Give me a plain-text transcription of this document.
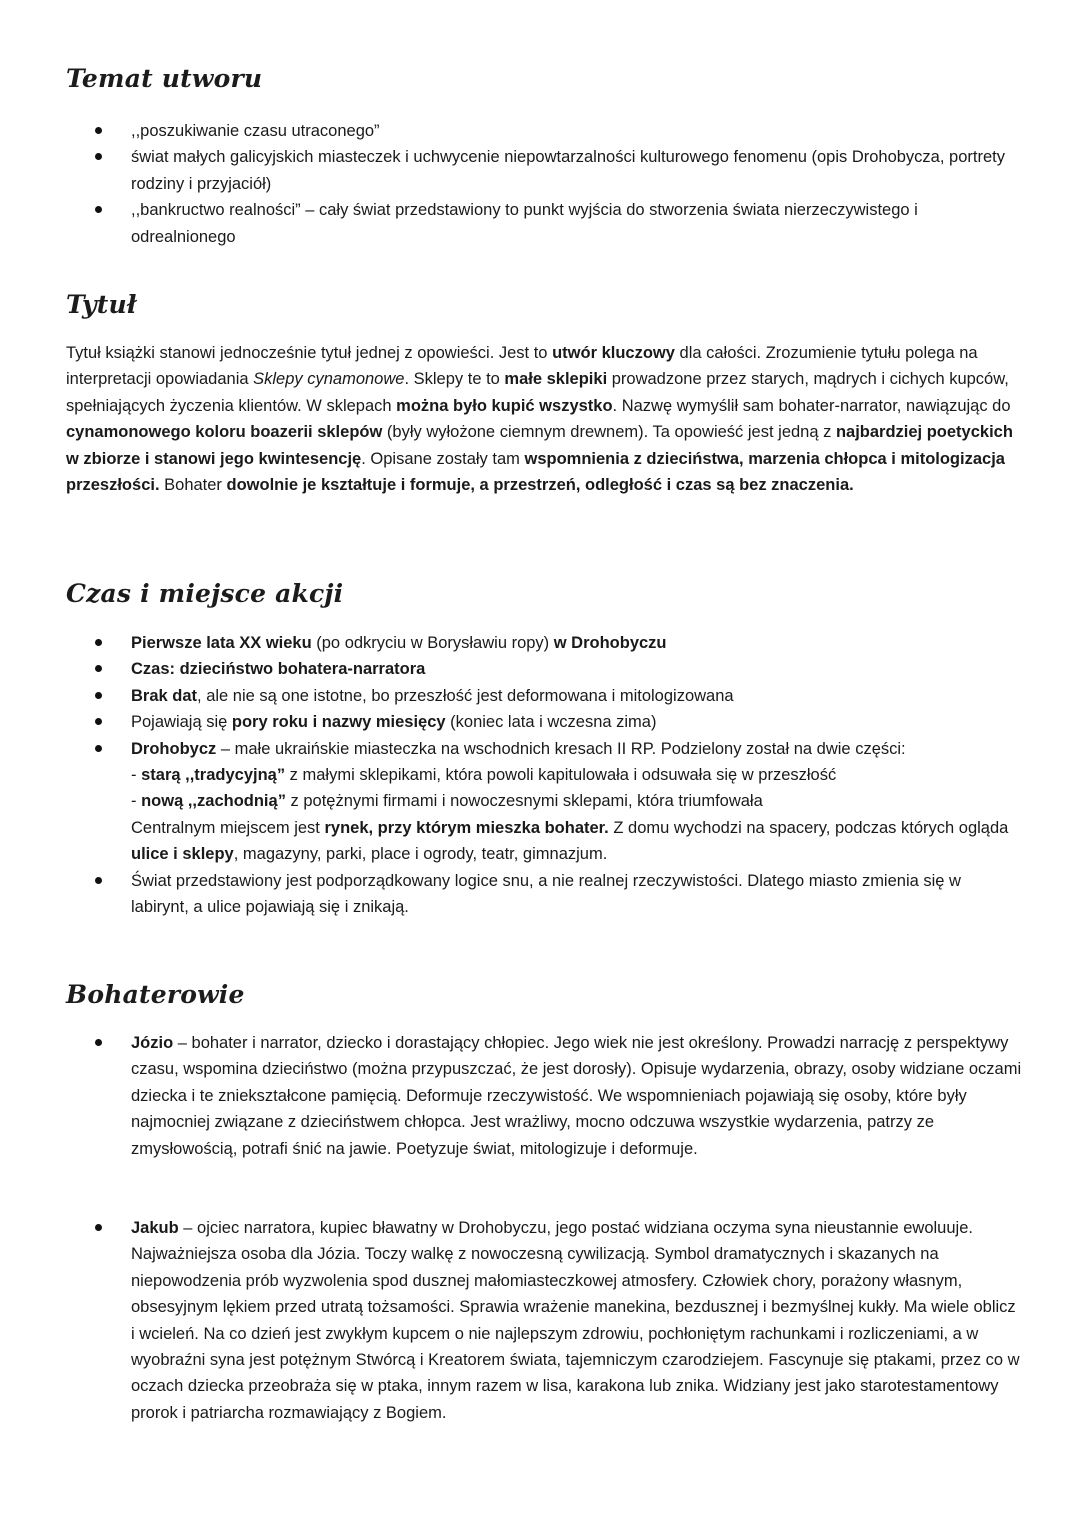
Temat utworu
,,poszukiwanie czasu utraconego”
świat małych galicyjskich miasteczek i uchwycenie niepowtarzalności kulturowego fenomenu (opis Drohobycza, portrety rodziny i przyjaciół)
,,bankructwo realności” – cały świat przedstawiony to punkt wyjścia do stworzenia świata nierzeczywistego i odrealnionego
Tytuł

Tytuł książki stanowi jednocześnie tytuł jednej z opowieści. Jest to utwór kluczowy dla całości. Zrozumienie tytułu polega na interpretacji opowiadania Sklepy cynamonowe. Sklepy te to małe sklepiki prowadzone przez starych, mądrych i cichych kupców, spełniających życzenia klientów. W sklepach można było kupić wszystko. Nazwę wymyślił sam bohater-narrator, nawiązując do cynamonowego koloru boazerii sklepów (były wyłożone ciemnym drewnem). Ta opowieść jest jedną z najbardziej poetyckich w zbiorze i stanowi jego kwintesencję. Opisane zostały tam wspomnienia z dzieciństwa, marzenia chłopca i mitologizacja przeszłości. Bohater dowolnie je kształtuje i formuje, a przestrzeń, odległość i czas są bez znaczenia.

Czas i miejsce akcji
Pierwsze lata XX wieku (po odkryciu w Borysławiu ropy) w Drohobyczu
Czas: dzieciństwo bohatera-narratora
Brak dat, ale nie są one istotne, bo przeszłość jest deformowana i mitologizowana
Pojawiają się pory roku i nazwy miesięcy (koniec lata i wczesna zima)
Drohobycz – małe ukraińskie miasteczka na wschodnich kresach II RP. Podzielony został na dwie części:
- starą ,,tradycyjną” z małymi sklepikami, która powoli kapitulowała i odsuwała się w przeszłość
- nową ,,zachodnią” z potężnymi firmami i nowoczesnymi sklepami, która triumfowała
Centralnym miejscem jest rynek, przy którym mieszka bohater. Z domu wychodzi na spacery, podczas których ogląda ulice i sklepy, magazyny, parki, place i ogrody, teatr, gimnazjum.
Świat przedstawiony jest podporządkowany logice snu, a nie realnej rzeczywistości. Dlatego miasto zmienia się w labirynt, a ulice pojawiają się i znikają.
Bohaterowie
Józio – bohater i narrator, dziecko i dorastający chłopiec. Jego wiek nie jest określony. Prowadzi narrację z perspektywy czasu, wspomina dzieciństwo (można przypuszczać, że jest dorosły). Opisuje wydarzenia, obrazy, osoby widziane oczami dziecka i te zniekształcone pamięcią. Deformuje rzeczywistość. We wspomnieniach pojawiają się osoby, które były najmocniej związane z dzieciństwem chłopca. Jest wrażliwy, mocno odczuwa wszystkie wydarzenia, patrzy ze zmysłowością, potrafi śnić na jawie. Poetyzuje świat, mitologizuje i deformuje.
Jakub – ojciec narratora, kupiec bławatny w Drohobyczu, jego postać widziana oczyma syna nieustannie ewoluuje. Najważniejsza osoba dla Józia. Toczy walkę z nowoczesną cywilizacją. Symbol dramatycznych i skazanych na niepowodzenia prób wyzwolenia spod dusznej małomiasteczkowej atmosfery. Człowiek chory, porażony własnym, obsesyjnym lękiem przed utratą tożsamości. Sprawia wrażenie manekina, bezdusznej i bezmyślnej kukły. Ma wiele oblicz i wcieleń. Na co dzień jest zwykłym kupcem o nie najlepszym zdrowiu, pochłoniętym rachunkami i rozliczeniami, a w wyobraźni syna jest potężnym Stwórcą i Kreatorem świata, tajemniczym czarodziejem. Fascynuje się ptakami, przez co w oczach dziecka przeobraża się w ptaka, innym razem w lisa, karakona lub znika. Widziany jest jako starotestamentowy prorok i patriarcha rozmawiający z Bogiem.
